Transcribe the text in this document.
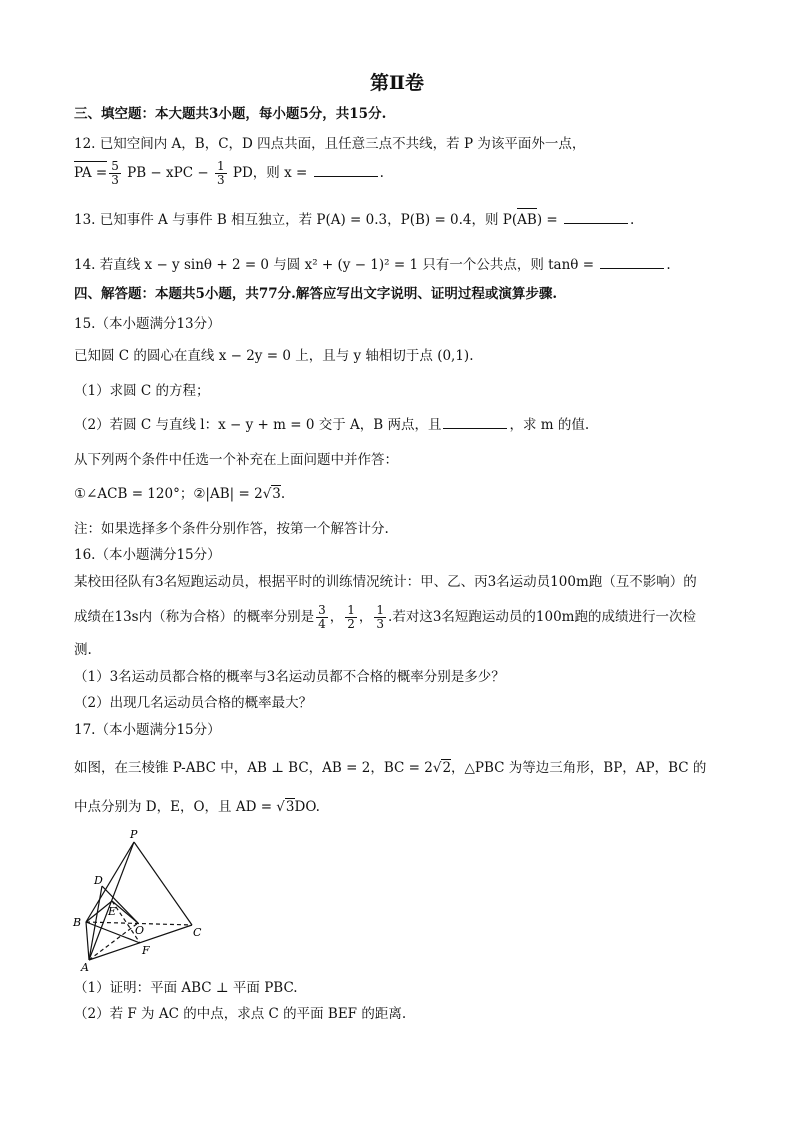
第Ⅱ卷
三、填空题：本大题共3小题，每小题5分，共15分.
12. 已知空间内 A，B，C，D 四点共面，且任意三点不共线，若 P 为该平面外一点，
PA = $\frac{5}{3}$ PB − xPC − $\frac{1}{3}$ PD，则 x =	.
13. 已知事件 A 与事件 B 相互独立，若 P(A) = 0.3，P(B) = 0.4，则 P(AB) =	.
14. 若直线 x − y sinθ + 2 = 0 与圆 x² + (y − 1)² = 1 只有一个公共点，则 tanθ =	.
四、解答题：本题共5小题，共77分.解答应写出文字说明、证明过程或演算步骤.
15.（本小题满分13分）
已知圆 C 的圆心在直线 x − 2y = 0 上，且与 y 轴相切于点 (0,1).
（1）求圆 C 的方程；
（2）若圆 C 与直线 l：x − y + m = 0 交于 A，B 两点，且	，求 m 的值.
从下列两个条件中任选一个补充在上面问题中并作答：
①∠ACB = 120°；②|AB| = 2√3.
注：如果选择多个条件分别作答，按第一个解答计分.
16.（本小题满分15分）
某校田径队有3名短跑运动员，根据平时的训练情况统计：甲、乙、丙3名运动员100m跑（互不影响）的
成绩在13s内（称为合格）的概率分别是 $\frac{3}{4}$ ， $\frac{1}{2}$ ， $\frac{1}{3}$ .若对这3名短跑运动员的100m跑的成绩进行一次检
测.
（1）3名运动员都合格的概率与3名运动员都不合格的概率分别是多少？
（2）出现几名运动员合格的概率最大？
17.（本小题满分15分）
如图，在三棱锥 P-ABC 中，AB ⊥ BC，AB = 2，BC = 2√2，△PBC 为等边三角形，BP，AP，BC 的
中点分别为 D，E，O，且 AD = √3DO.
P
D
B
E
O	C
F
A
（1）证明：平面 ABC ⊥ 平面 PBC.
（2）若 F 为 AC 的中点，求点 C 的平面 BEF 的距离.
